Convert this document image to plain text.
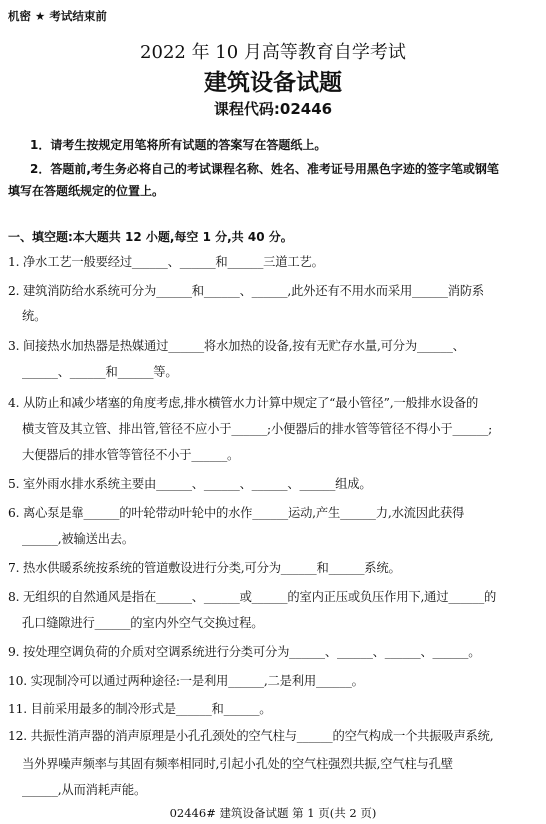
机密 ★ 考试结束前
2022 年 10 月高等教育自学考试
建筑设备试题
课程代码:02446
1．请考生按规定用笔将所有试题的答案写在答题纸上。
2．答题前,考生务必将自己的考试课程名称、姓名、准考证号用黑色字迹的签字笔或钢笔
填写在答题纸规定的位置上。
一、填空题:本大题共 12 小题,每空 1 分,共 40 分。
1. 净水工艺一般要经过______、______和______三道工艺。
2. 建筑消防给水系统可分为______和______、______,此外还有不用水而采用______消防系
统。
3. 间接热水加热器是热媒通过______将水加热的设备,按有无贮存水量,可分为______、
______、______和______等。
4. 从防止和减少堵塞的角度考虑,排水横管水力计算中规定了“最小管径”,一般排水设备的
横支管及其立管、排出管,管径不应小于______;小便器后的排水管等管径不得小于______;
大便器后的排水管等管径不小于______。
5. 室外雨水排水系统主要由______、______、______、______组成。
6. 离心泵是靠______的叶轮带动叶轮中的水作______运动,产生______力,水流因此获得
______,被输送出去。
7. 热水供暖系统按系统的管道敷设进行分类,可分为______和______系统。
8. 无组织的自然通风是指在______、______或______的室内正压或负压作用下,通过______的
孔口缝隙进行______的室内外空气交换过程。
9. 按处理空调负荷的介质对空调系统进行分类可分为______、______、______、______。
10. 实现制冷可以通过两种途径:一是利用______,二是利用______。
11. 目前采用最多的制冷形式是______和______。
12. 共振性消声器的消声原理是小孔孔颈处的空气柱与______的空气构成一个共振吸声系统,
当外界噪声频率与其固有频率相同时,引起小孔处的空气柱强烈共振,空气柱与孔壁
______,从而消耗声能。
02446# 建筑设备试题 第 1 页(共 2 页)
